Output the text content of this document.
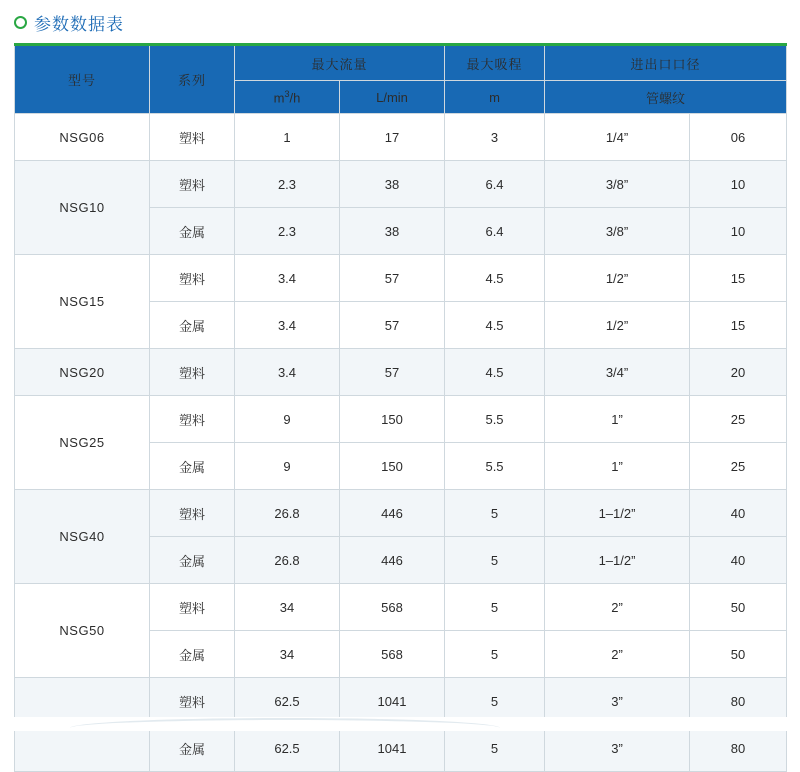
参数数据表
型号	系列	最大流量		最大吸程	进出口口径	
		$m^3/h$	L/min	m	管螺纹	
NSG06	塑料	1	17	3	1/4”	06
NSG10	塑料	2.3	38	6.4	3/8”	10
	金属	2.3	38	6.4	3/8”	10
NSG15	塑料	3.4	57	4.5	1/2”	15
	金属	3.4	57	4.5	1/2”	15
NSG20	塑料	3.4	57	4.5	3/4”	20
NSG25	塑料	9	150	5.5	1”	25
	金属	9	150	5.5	1”	25
NSG40	塑料	26.8	446	5	1–1/2”	40
	金属	26.8	446	5	1–1/2”	40
NSG50	塑料	34	568	5	2”	50
	金属	34	568	5	2”	50
	塑料	62.5	1041	5	3”	80
	金属	62.5	1041	5	3”	80
